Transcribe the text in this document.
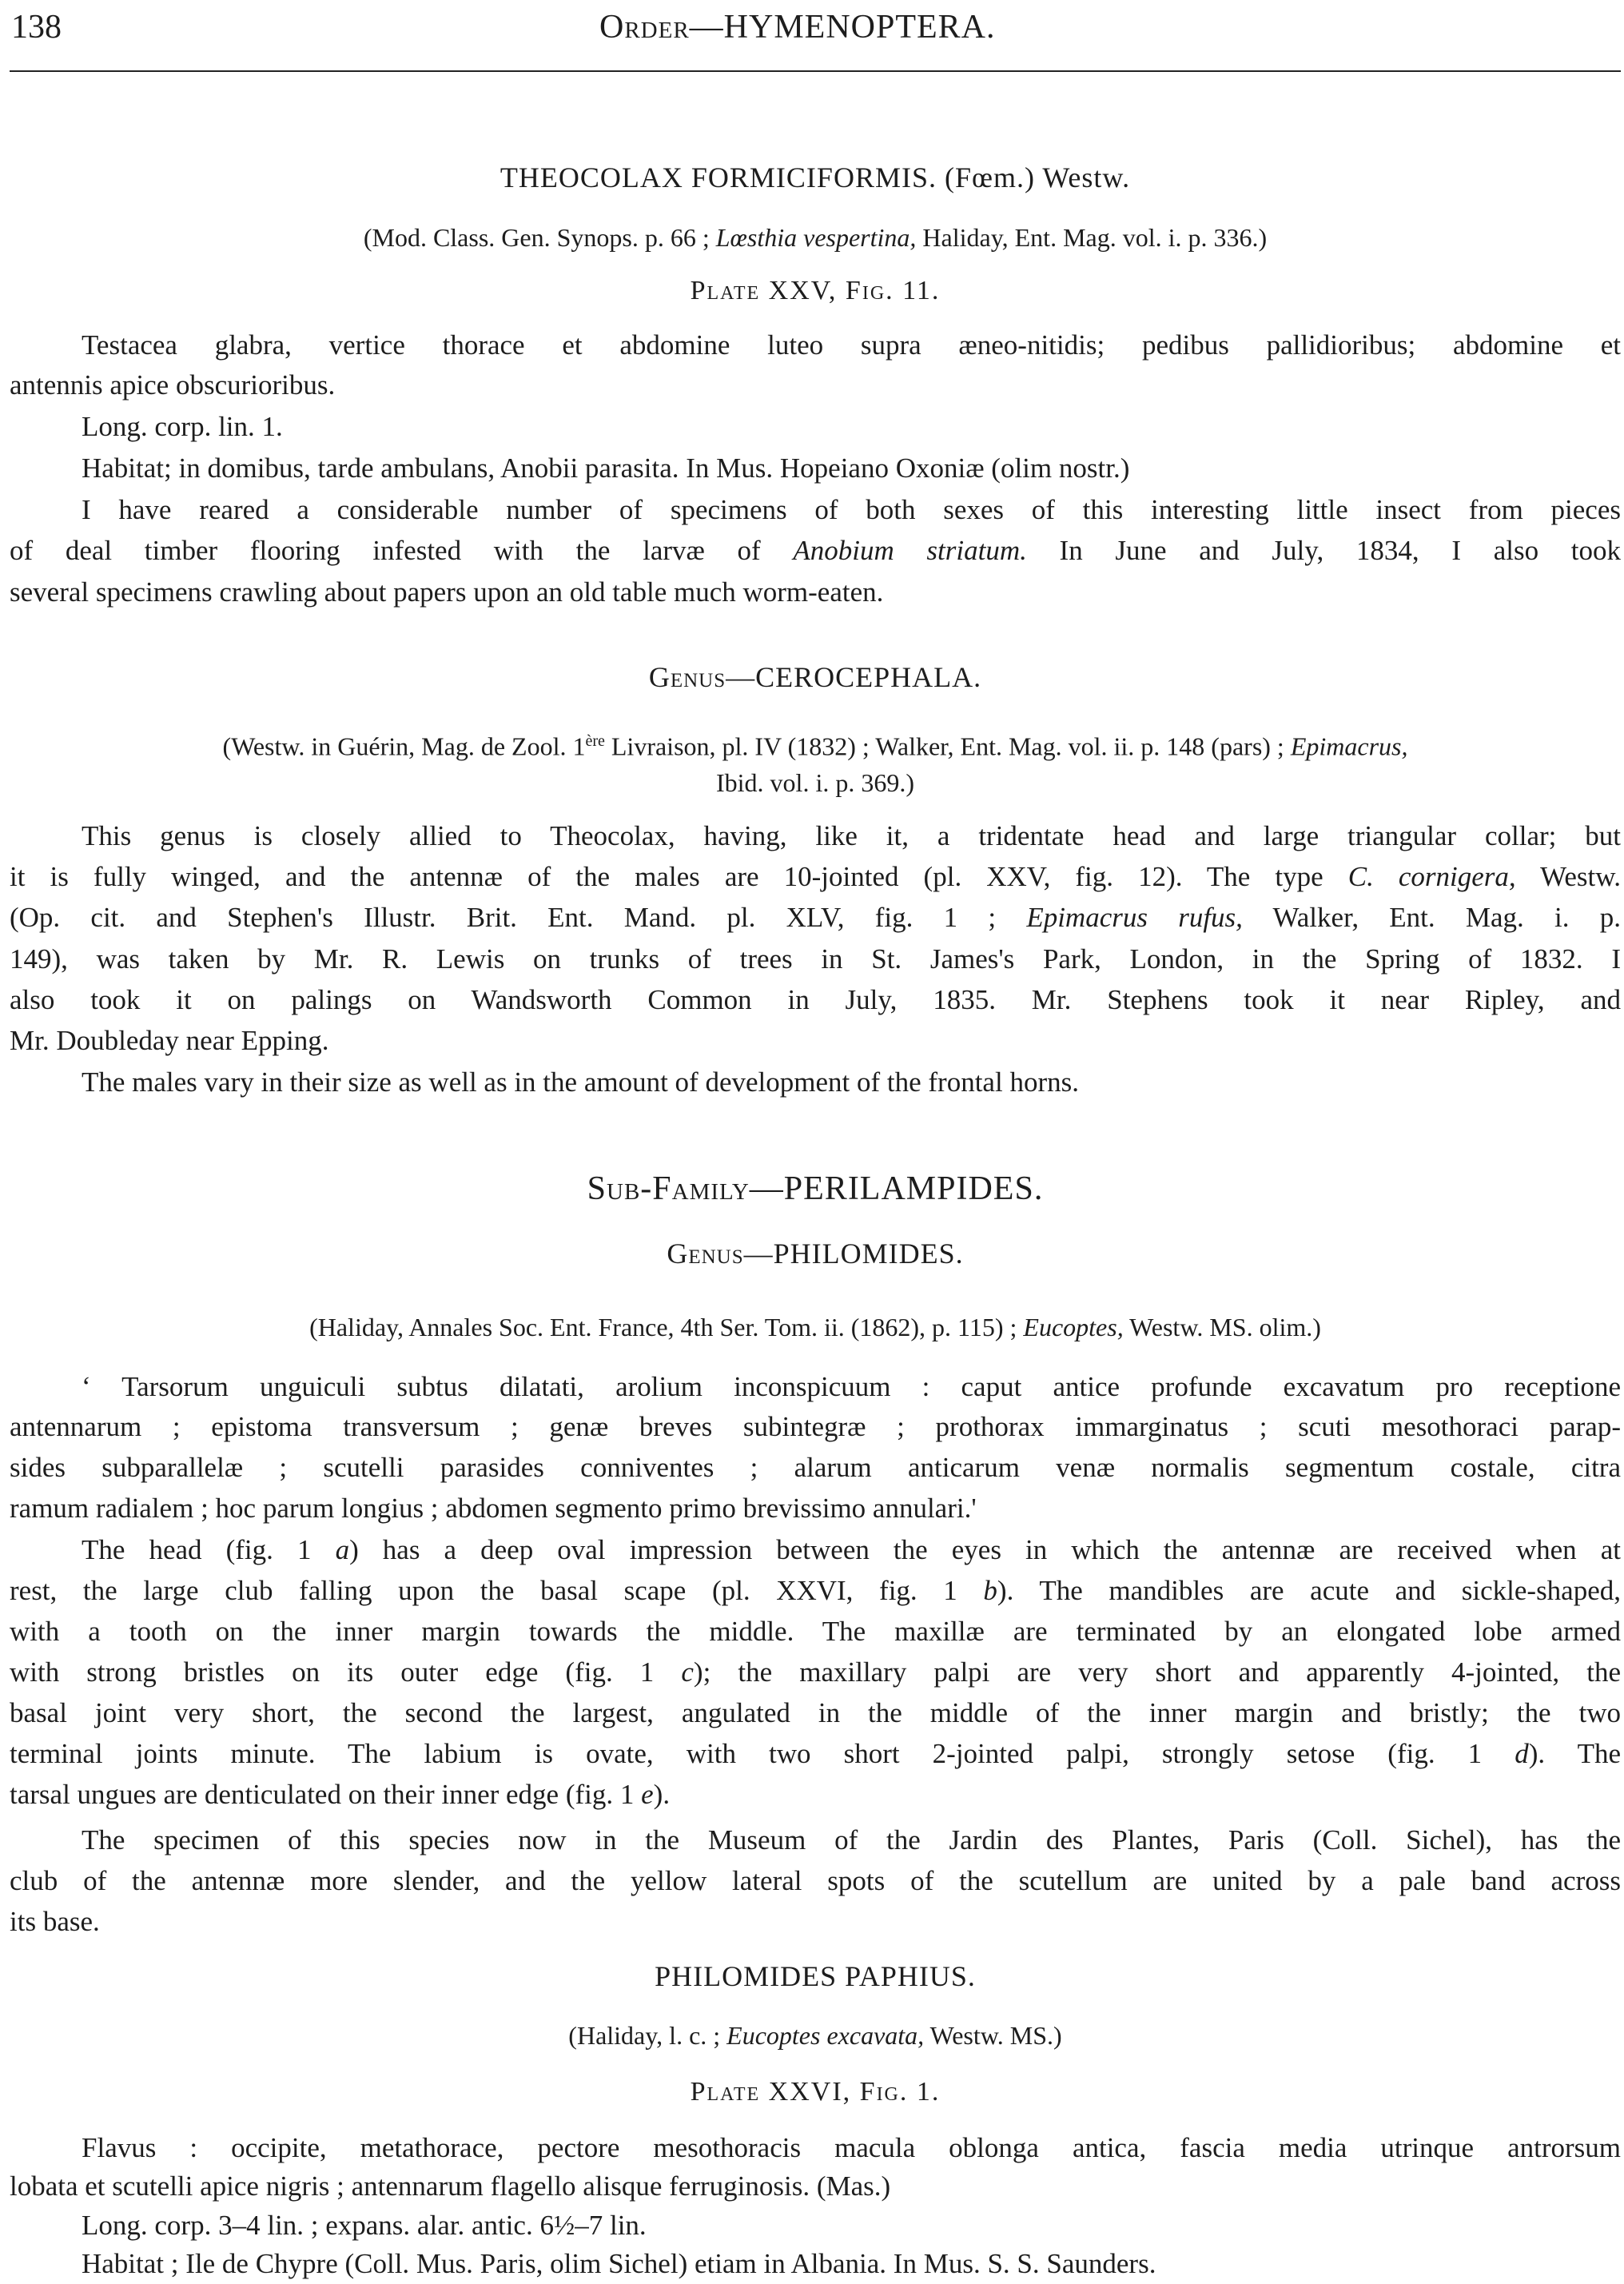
138	Order—HYMENOPTERA.
THEOCOLAX FORMICIFORMIS. (Fœm.) Westw.
(Mod. Class. Gen. Synops. p. 66 ; Lœsthia vespertina, Haliday, Ent. Mag. vol. i. p. 336.)
Plate XXV, Fig. 11.
Testacea glabra, vertice thorace et abdomine luteo supra æneo-nitidis; pedibus pallidioribus; abdomine et
antennis apice obscurioribus.
Long. corp. lin. 1.
Habitat; in domibus, tarde ambulans, Anobii parasita. In Mus. Hopeiano Oxoniæ (olim nostr.)
I have reared a considerable number of specimens of both sexes of this interesting little insect from pieces
of deal timber flooring infested with the larvæ of Anobium striatum. In June and July, 1834, I also took
several specimens crawling about papers upon an old table much worm-eaten.
Genus—CEROCEPHALA.
(Westw. in Guérin, Mag. de Zool. 1ère Livraison, pl. IV (1832) ; Walker, Ent. Mag. vol. ii. p. 148 (pars) ; Epimacrus,
Ibid. vol. i. p. 369.)
This genus is closely allied to Theocolax, having, like it, a tridentate head and large triangular collar; but
it is fully winged, and the antennæ of the males are 10-jointed (pl. XXV, fig. 12). The type C. cornigera, Westw.
(Op. cit. and Stephen's Illustr. Brit. Ent. Mand. pl. XLV, fig. 1 ; Epimacrus rufus, Walker, Ent. Mag. i. p.
149), was taken by Mr. R. Lewis on trunks of trees in St. James's Park, London, in the Spring of 1832. I
also took it on palings on Wandsworth Common in July, 1835. Mr. Stephens took it near Ripley, and
Mr. Doubleday near Epping.
The males vary in their size as well as in the amount of development of the frontal horns.
Sub-Family—PERILAMPIDES.
Genus—PHILOMIDES.
(Haliday, Annales Soc. Ent. France, 4th Ser. Tom. ii. (1862), p. 115) ; Eucoptes, Westw. MS. olim.)
‘ Tarsorum unguiculi subtus dilatati, arolium inconspicuum : caput antice profunde excavatum pro receptione
antennarum ; epistoma transversum ; genæ breves subintegræ ; prothorax immarginatus ; scuti mesothoraci parap-
sides subparallelæ ; scutelli parasides conniventes ; alarum anticarum venæ normalis segmentum costale, citra
ramum radialem ; hoc parum longius ; abdomen segmento primo brevissimo annulari.'
The head (fig. 1 a) has a deep oval impression between the eyes in which the antennæ are received when at
rest, the large club falling upon the basal scape (pl. XXVI, fig. 1 b). The mandibles are acute and sickle-shaped,
with a tooth on the inner margin towards the middle. The maxillæ are terminated by an elongated lobe armed
with strong bristles on its outer edge (fig. 1 c); the maxillary palpi are very short and apparently 4-jointed, the
basal joint very short, the second the largest, angulated in the middle of the inner margin and bristly; the two
terminal joints minute. The labium is ovate, with two short 2-jointed palpi, strongly setose (fig. 1 d). The
tarsal ungues are denticulated on their inner edge (fig. 1 e).
The specimen of this species now in the Museum of the Jardin des Plantes, Paris (Coll. Sichel), has the
club of the antennæ more slender, and the yellow lateral spots of the scutellum are united by a pale band across
its base.
PHILOMIDES PAPHIUS.
(Haliday, l. c. ; Eucoptes excavata, Westw. MS.)
Plate XXVI, Fig. 1.
Flavus : occipite, metathorace, pectore mesothoracis macula oblonga antica, fascia media utrinque antrorsum
lobata et scutelli apice nigris ; antennarum flagello alisque ferruginosis. (Mas.)
Long. corp. 3–4 lin. ; expans. alar. antic. 6½–7 lin.
Habitat ; Ile de Chypre (Coll. Mus. Paris, olim Sichel) etiam in Albania. In Mus. S. S. Saunders.
